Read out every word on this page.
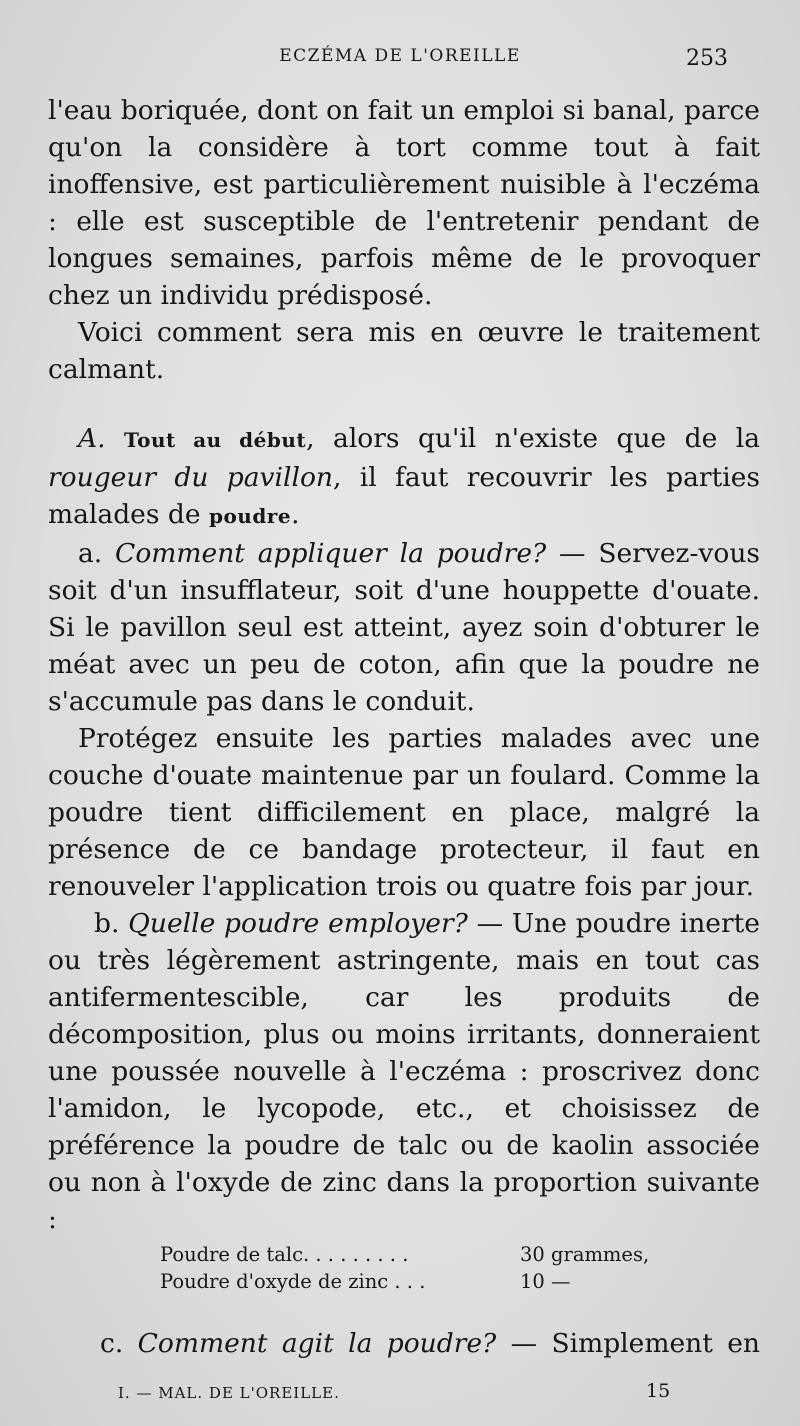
ECZÉMA DE L'OREILLE	253

l'eau boriquée, dont on fait un emploi si banal, parce qu'on la considère à tort comme tout à fait inoffensive, est particulièrement nuisible à l'eczéma : elle est susceptible de l'entretenir pendant de longues semaines, parfois même de le provoquer chez un individu prédisposé.

Voici comment sera mis en œuvre le traitement calmant.

A. Tout au début, alors qu'il n'existe que de la rougeur du pavillon, il faut recouvrir les parties malades de poudre.

a. Comment appliquer la poudre? — Servez-vous soit d'un insufflateur, soit d'une houppette d'ouate. Si le pavillon seul est atteint, ayez soin d'obturer le méat avec un peu de coton, afin que la poudre ne s'accumule pas dans le conduit.

Protégez ensuite les parties malades avec une couche d'ouate maintenue par un foulard. Comme la poudre tient difficilement en place, malgré la présence de ce bandage protecteur, il faut en renouveler l'application trois ou quatre fois par jour.

b. Quelle poudre employer? — Une poudre inerte ou très légèrement astringente, mais en tout cas antifermentescible, car les produits de décomposition, plus ou moins irritants, donneraient une poussée nouvelle à l'eczéma : proscrivez donc l'amidon, le lycopode, etc., et choisissez de préférence la poudre de talc ou de kaolin associée ou non à l'oxyde de zinc dans la proportion suivante :

Poudre de talc. . . . . . . . .	30 grammes,
Poudre d'oxyde de zinc . . .	10 —
c. Comment agit la poudre? — Simplement en
I. — MAL. DE L'OREILLE.	15
